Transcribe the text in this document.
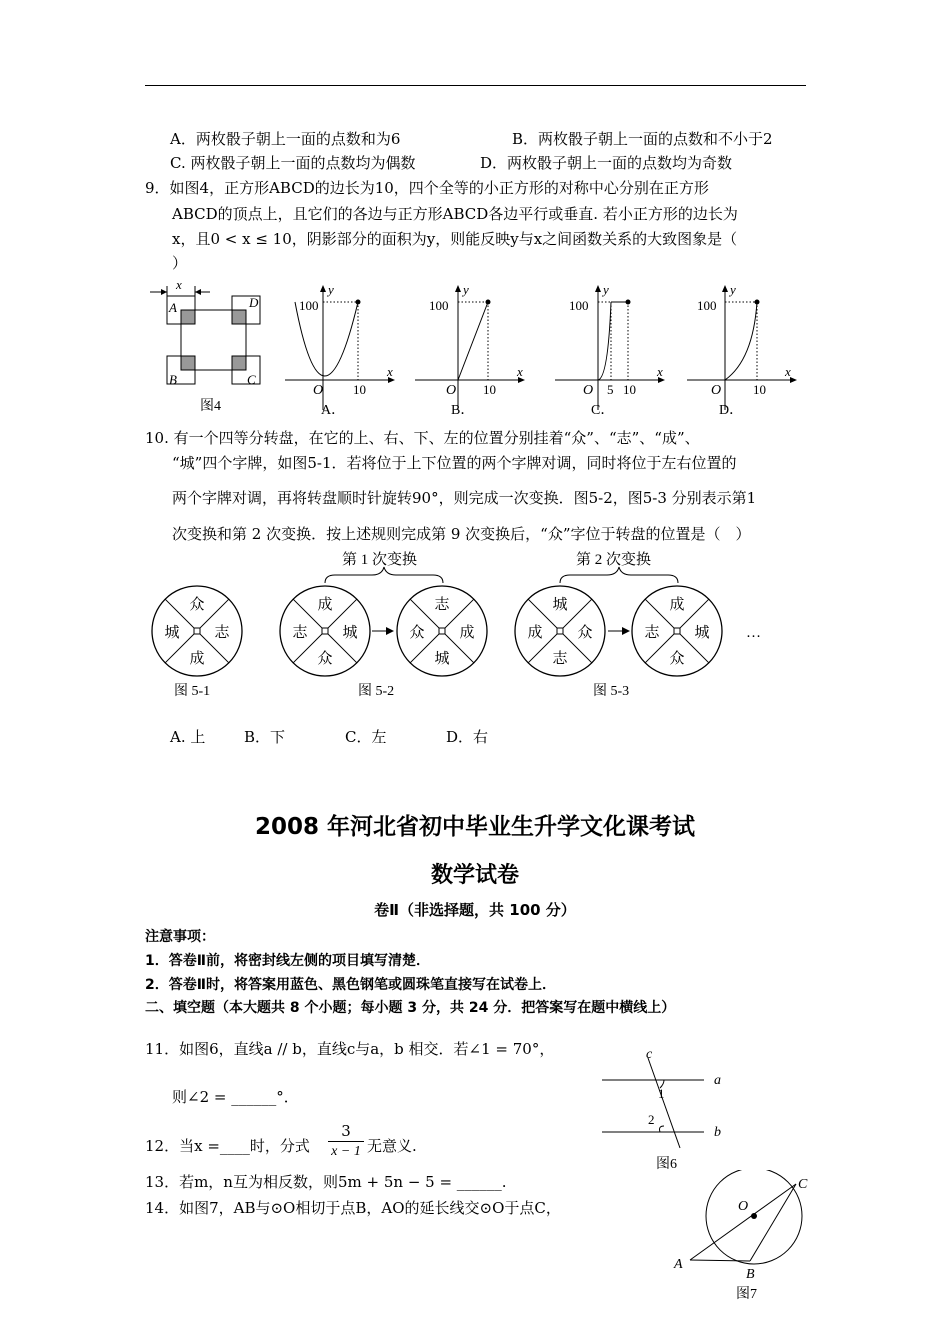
A．两枚骰子朝上一面的点数和为6	B．两枚骰子朝上一面的点数和不小于2
C. 两枚骰子朝上一面的点数均为偶数	D．两枚骰子朝上一面的点数均为奇数
9．如图4，正方形ABCD的边长为10，四个全等的小正方形的对称中心分别在正方形
ABCD的顶点上，且它们的各边与正方形ABCD各边平行或垂直. 若小正方形的边长为
x，且0 < x ≤ 10，阴影部分的面积为y，则能反映y与x之间函数关系的大致图象是（
）
x
A	D
B	C
图4
100
y
x
O 10
A．
100
y
x
O 10
B．
100
y
x
O 5 10
C．
100
y
x
O 10
D．
10. 有一个四等分转盘，在它的上、右、下、左的位置分别挂着“众”、“志”、“成”、
“城”四个字牌，如图5-1．若将位于上下位置的两个字牌对调，同时将位于左右位置的
两个字牌对调，再将转盘顺时针旋转90°，则完成一次变换．图5-2，图5-3 分别表示第1
次变换和第 2 次变换．按上述规则完成第 9 次变换后，“众”字位于转盘的位置是（　）
第 1 次变换	第 2 次变换
…
图 5-1	图 5-2	图 5-3
众
志
成
城
成
城
众
志
志
成
城
众
城
众
志
成
成
城
众
志
A. 上	B．下	C．左	D．右
2008 年河北省初中毕业生升学文化课考试
数学试卷
卷Ⅱ（非选择题，共 100 分）
注意事项：
1．答卷Ⅱ前，将密封线左侧的项目填写清楚．
2．答卷Ⅱ时，将答案用蓝色、黑色钢笔或圆珠笔直接写在试卷上．
二、填空题（本大题共 8 个小题；每小题 3 分，共 24 分．把答案写在题中横线上）
11．如图6，直线a // b，直线c与a，b 相交．若∠1 = 70°，
则∠2 = ______°．
c
a
b
1
2
图6
12．当x =____时，分式
3
x − 1 无意义.
13．若m，n互为相反数，则5m + 5n − 5 = ______.
14．如图7，AB与⊙O相切于点B，AO的延长线交⊙O于点C，	O
C
A
B
图7
